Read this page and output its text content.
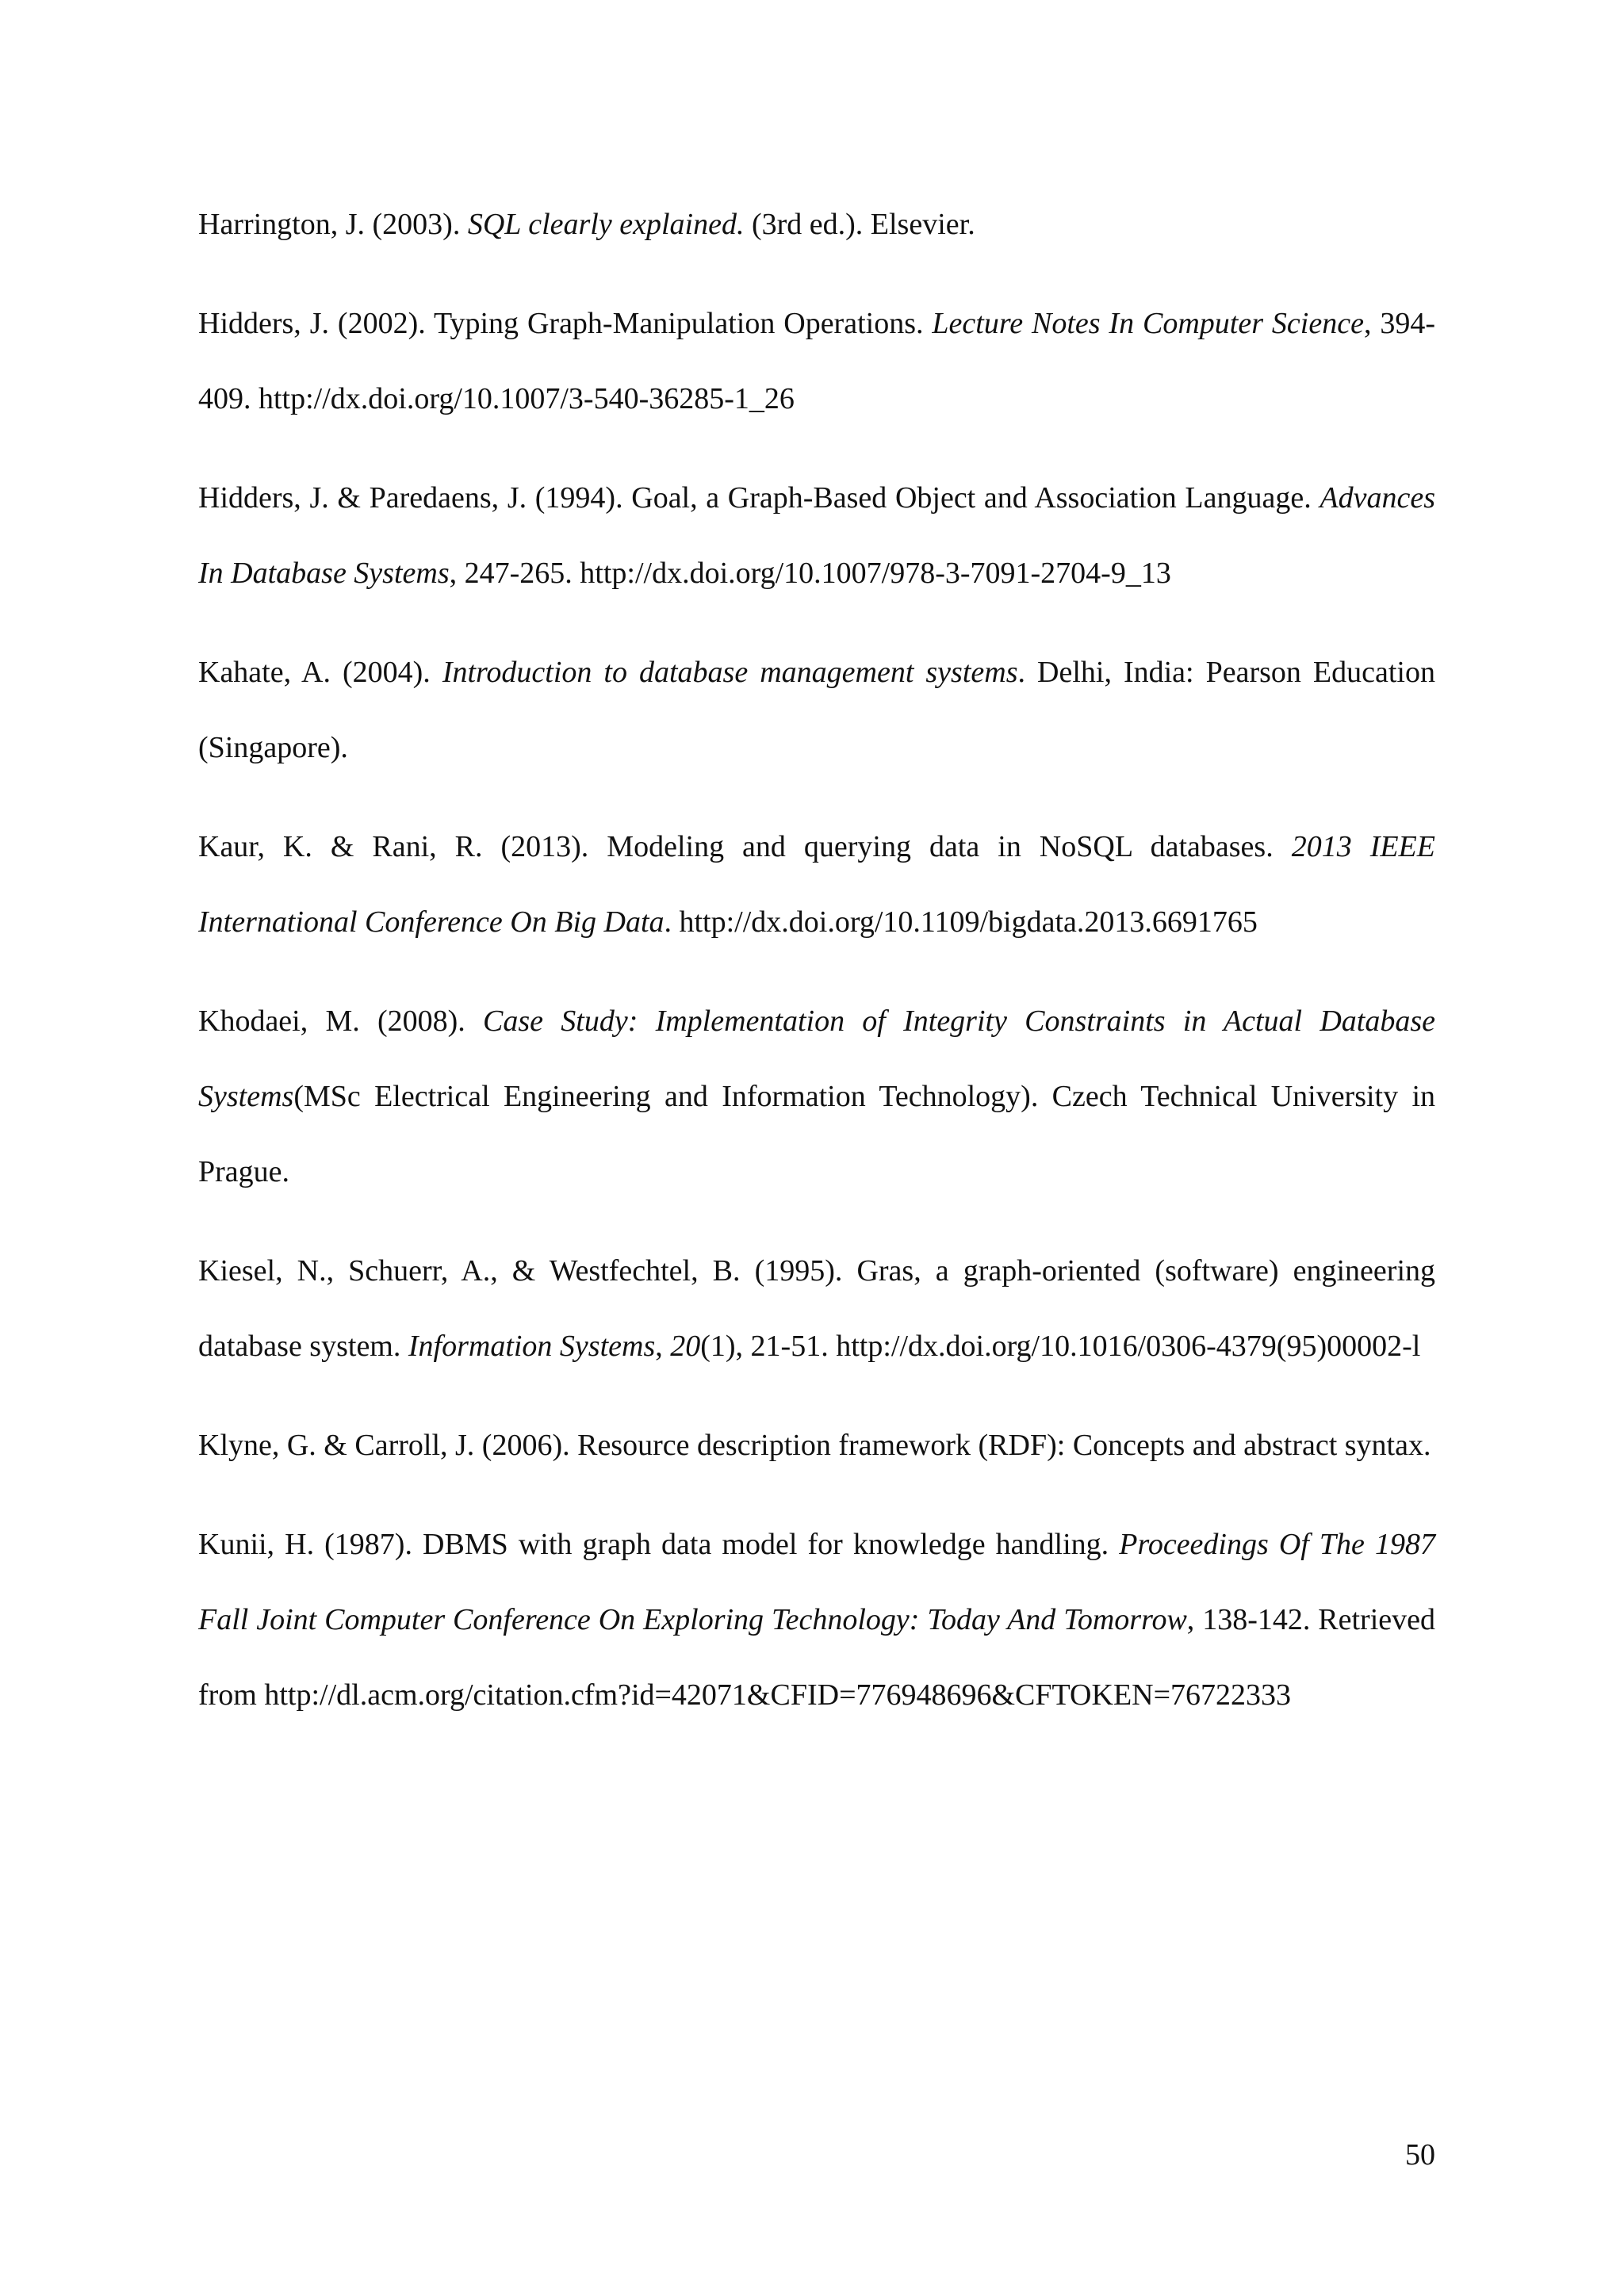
Harrington, J. (2003). SQL clearly explained. (3rd ed.). Elsevier.

Hidders, J. (2002). Typing Graph-Manipulation Operations. Lecture Notes In Computer Science, 394-409. http://dx.doi.org/10.1007/3-540-36285-1_26

Hidders, J. & Paredaens, J. (1994). Goal, a Graph-Based Object and Association Language. Advances In Database Systems, 247-265. http://dx.doi.org/10.1007/978-3-7091-2704-9_13

Kahate, A. (2004). Introduction to database management systems. Delhi, India: Pearson Education (Singapore).

Kaur, K. & Rani, R. (2013). Modeling and querying data in NoSQL databases. 2013 IEEE International Conference On Big Data. http://dx.doi.org/10.1109/bigdata.2013.6691765

Khodaei, M. (2008). Case Study: Implementation of Integrity Constraints in Actual Database Systems(MSc Electrical Engineering and Information Technology). Czech Technical University in Prague.

Kiesel, N., Schuerr, A., & Westfechtel, B. (1995). Gras, a graph-oriented (software) engineering database system. Information Systems, 20(1), 21-51. http://dx.doi.org/10.1016/0306-4379(95)00002-l

Klyne, G. & Carroll, J. (2006). Resource description framework (RDF): Concepts and abstract syntax.

Kunii, H. (1987). DBMS with graph data model for knowledge handling. Proceedings Of The 1987 Fall Joint Computer Conference On Exploring Technology: Today And Tomorrow, 138-142. Retrieved from http://dl.acm.org/citation.cfm?id=42071&CFID=776948696&CFTOKEN=76722333

50
